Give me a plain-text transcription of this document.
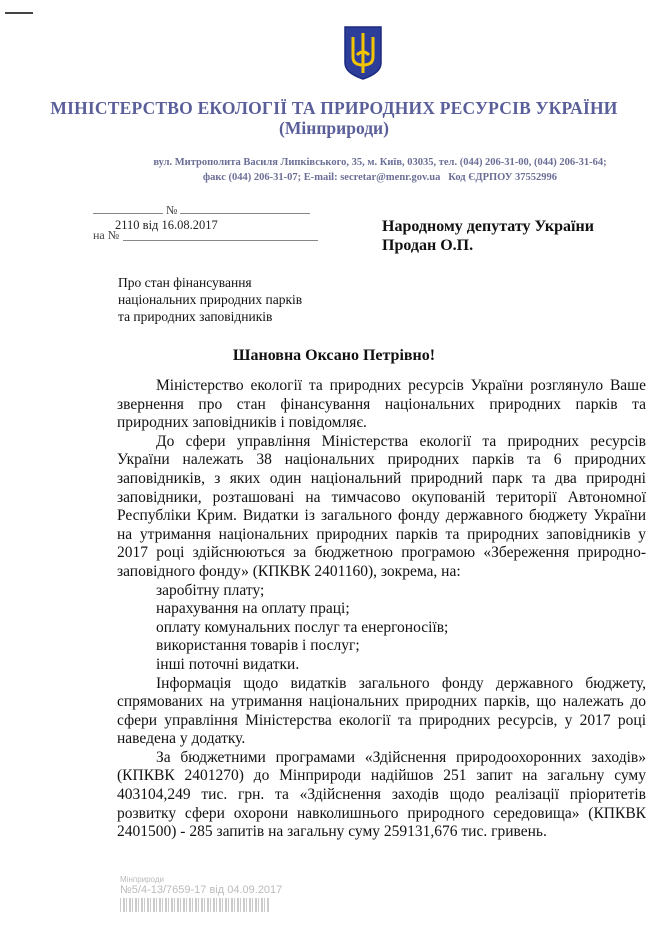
МІНІСТЕРСТВО ЕКОЛОГІЇ ТА ПРИРОДНИХ РЕСУРСІВ УКРАЇНИ
(Мінприроди)
вул. Митрополита Василя Липківського, 35, м. Київ, 03035, тел. (044) 206-31-00, (044) 206-31-64;
факс (044) 206-31-07; E-mail: secretar@menr.gov.ua Код ЄДРПОУ 37552996
№
2110 від 16.08.2017
на №	Народному депутату України
Продан О.П.
Про стан фінансування
національних природних парків
та природних заповідників
Шановна Оксано Петрівно!

Міністерство екології та природних ресурсів України розглянуло Ваше звернення про стан фінансування національних природних парків та природних заповідників і повідомляє.

До сфери управління Міністерства екології та природних ресурсів України належать 38 національних природних парків та 6 природних заповідників, з яких один національний природний парк та два природні заповідники, розташовані на тимчасово окупованій території Автономної Республіки Крим. Видатки із загального фонду державного бюджету України на утримання національних природних парків та природних заповідників у 2017 році здійснюються за бюджетною програмою «Збереження природно-заповідного фонду» (КПКВК 2401160), зокрема, на:

заробітну плату;

нарахування на оплату праці;

оплату комунальних послуг та енергоносіїв;

використання товарів і послуг;

інші поточні видатки.

Інформація щодо видатків загального фонду державного бюджету, спрямованих на утримання національних природних парків, що належать до сфери управління Міністерства екології та природних ресурсів, у 2017 році наведена у додатку.

За бюджетними програмами «Здійснення природоохоронних заходів» (КПКВК 2401270) до Мінприроди надійшов 251 запит на загальну суму 403104,249 тис. грн. та «Здійснення заходів щодо реалізації пріоритетів розвитку сфери охорони навколишнього природного середовища» (КПКВК 2401500) - 285 запитів на загальну суму 259131,676 тис. гривень.

Мінприроди
№5/4-13/7659-17 від 04.09.2017
